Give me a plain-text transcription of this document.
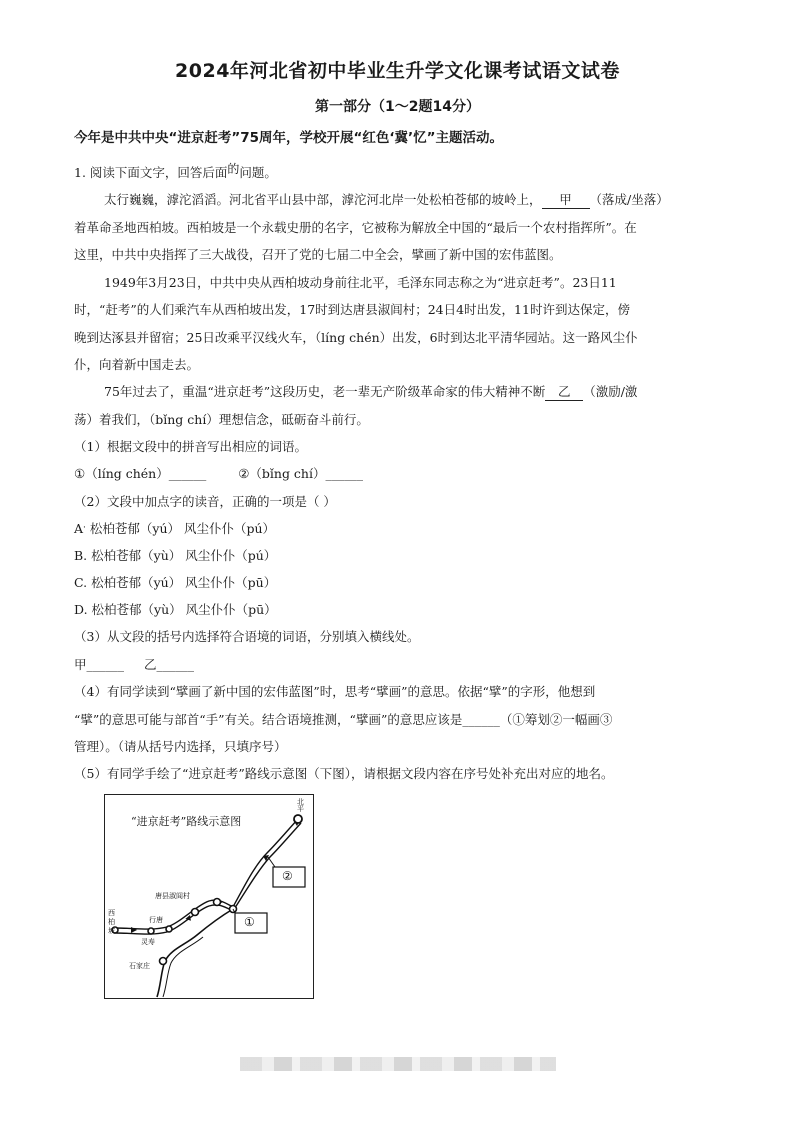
2024年河北省初中毕业生升学文化课考试语文试卷
第一部分（1～2题14分）
今年是中共中央“进京赶考”75周年，学校开展“红色‘冀’忆”主题活动。
1. 阅读下面文字，回答后面的问题。
太行巍巍，滹沱滔滔。河北省平山县中部，滹沱河北岸一处松柏苍郁的坡岭上， 甲 （落成/坐落）
着革命圣地西柏坡。西柏坡是一个永载史册的名字，它被称为解放全中国的“最后一个农村指挥所”。在
这里，中共中央指挥了三大战役，召开了党的七届二中全会，擘画了新中国的宏伟蓝图。
1949年3月23日，中共中央从西柏坡动身前往北平，毛泽东同志称之为“进京赶考”。23日11
时，“赶考”的人们乘汽车从西柏坡出发，17时到达唐县淑闾村；24日4时出发，11时许到达保定，傍
晚到达涿县并留宿；25日改乘平汉线火车，（líng chén）出发，6时到达北平清华园站。这一路风尘仆
仆，向着新中国走去。
75年过去了，重温“进京赶考”这段历史，老一辈无产阶级革命家的伟大精神不断 乙 （激励/激
荡）着我们，（bǐng chí）理想信念，砥砺奋斗前行。
（1）根据文段中的拼音写出相应的词语。
①（líng chén）______	②（bǐng chí）______
（2）文段中加点字的读音，正确的一项是（ ）
A· 松柏苍郁（yú） 风尘仆仆（pú）
B. 松柏苍郁（yù） 风尘仆仆（pú）
C. 松柏苍郁（yú） 风尘仆仆（pū）
D. 松柏苍郁（yù） 风尘仆仆（pū）
（3）从文段的括号内选择符合语境的词语，分别填入横线处。
甲______ 乙______
（4）有同学读到“擘画了新中国的宏伟蓝图”时，思考“擘画”的意思。依据“擘”的字形，他想到
“擘”的意思可能与部首“手”有关。结合语境推测，“擘画”的意思应该是______（①筹划②一幅画③
管理）。（请从括号内选择，只填序号）
（5）有同学手绘了“进京赶考”路线示意图（下图），请根据文段内容在序号处补充出对应的地名。
“进京赶考”路线示意图
北平
唐县淑闾村
西柏坡
行唐
灵寿
石家庄
①
②
